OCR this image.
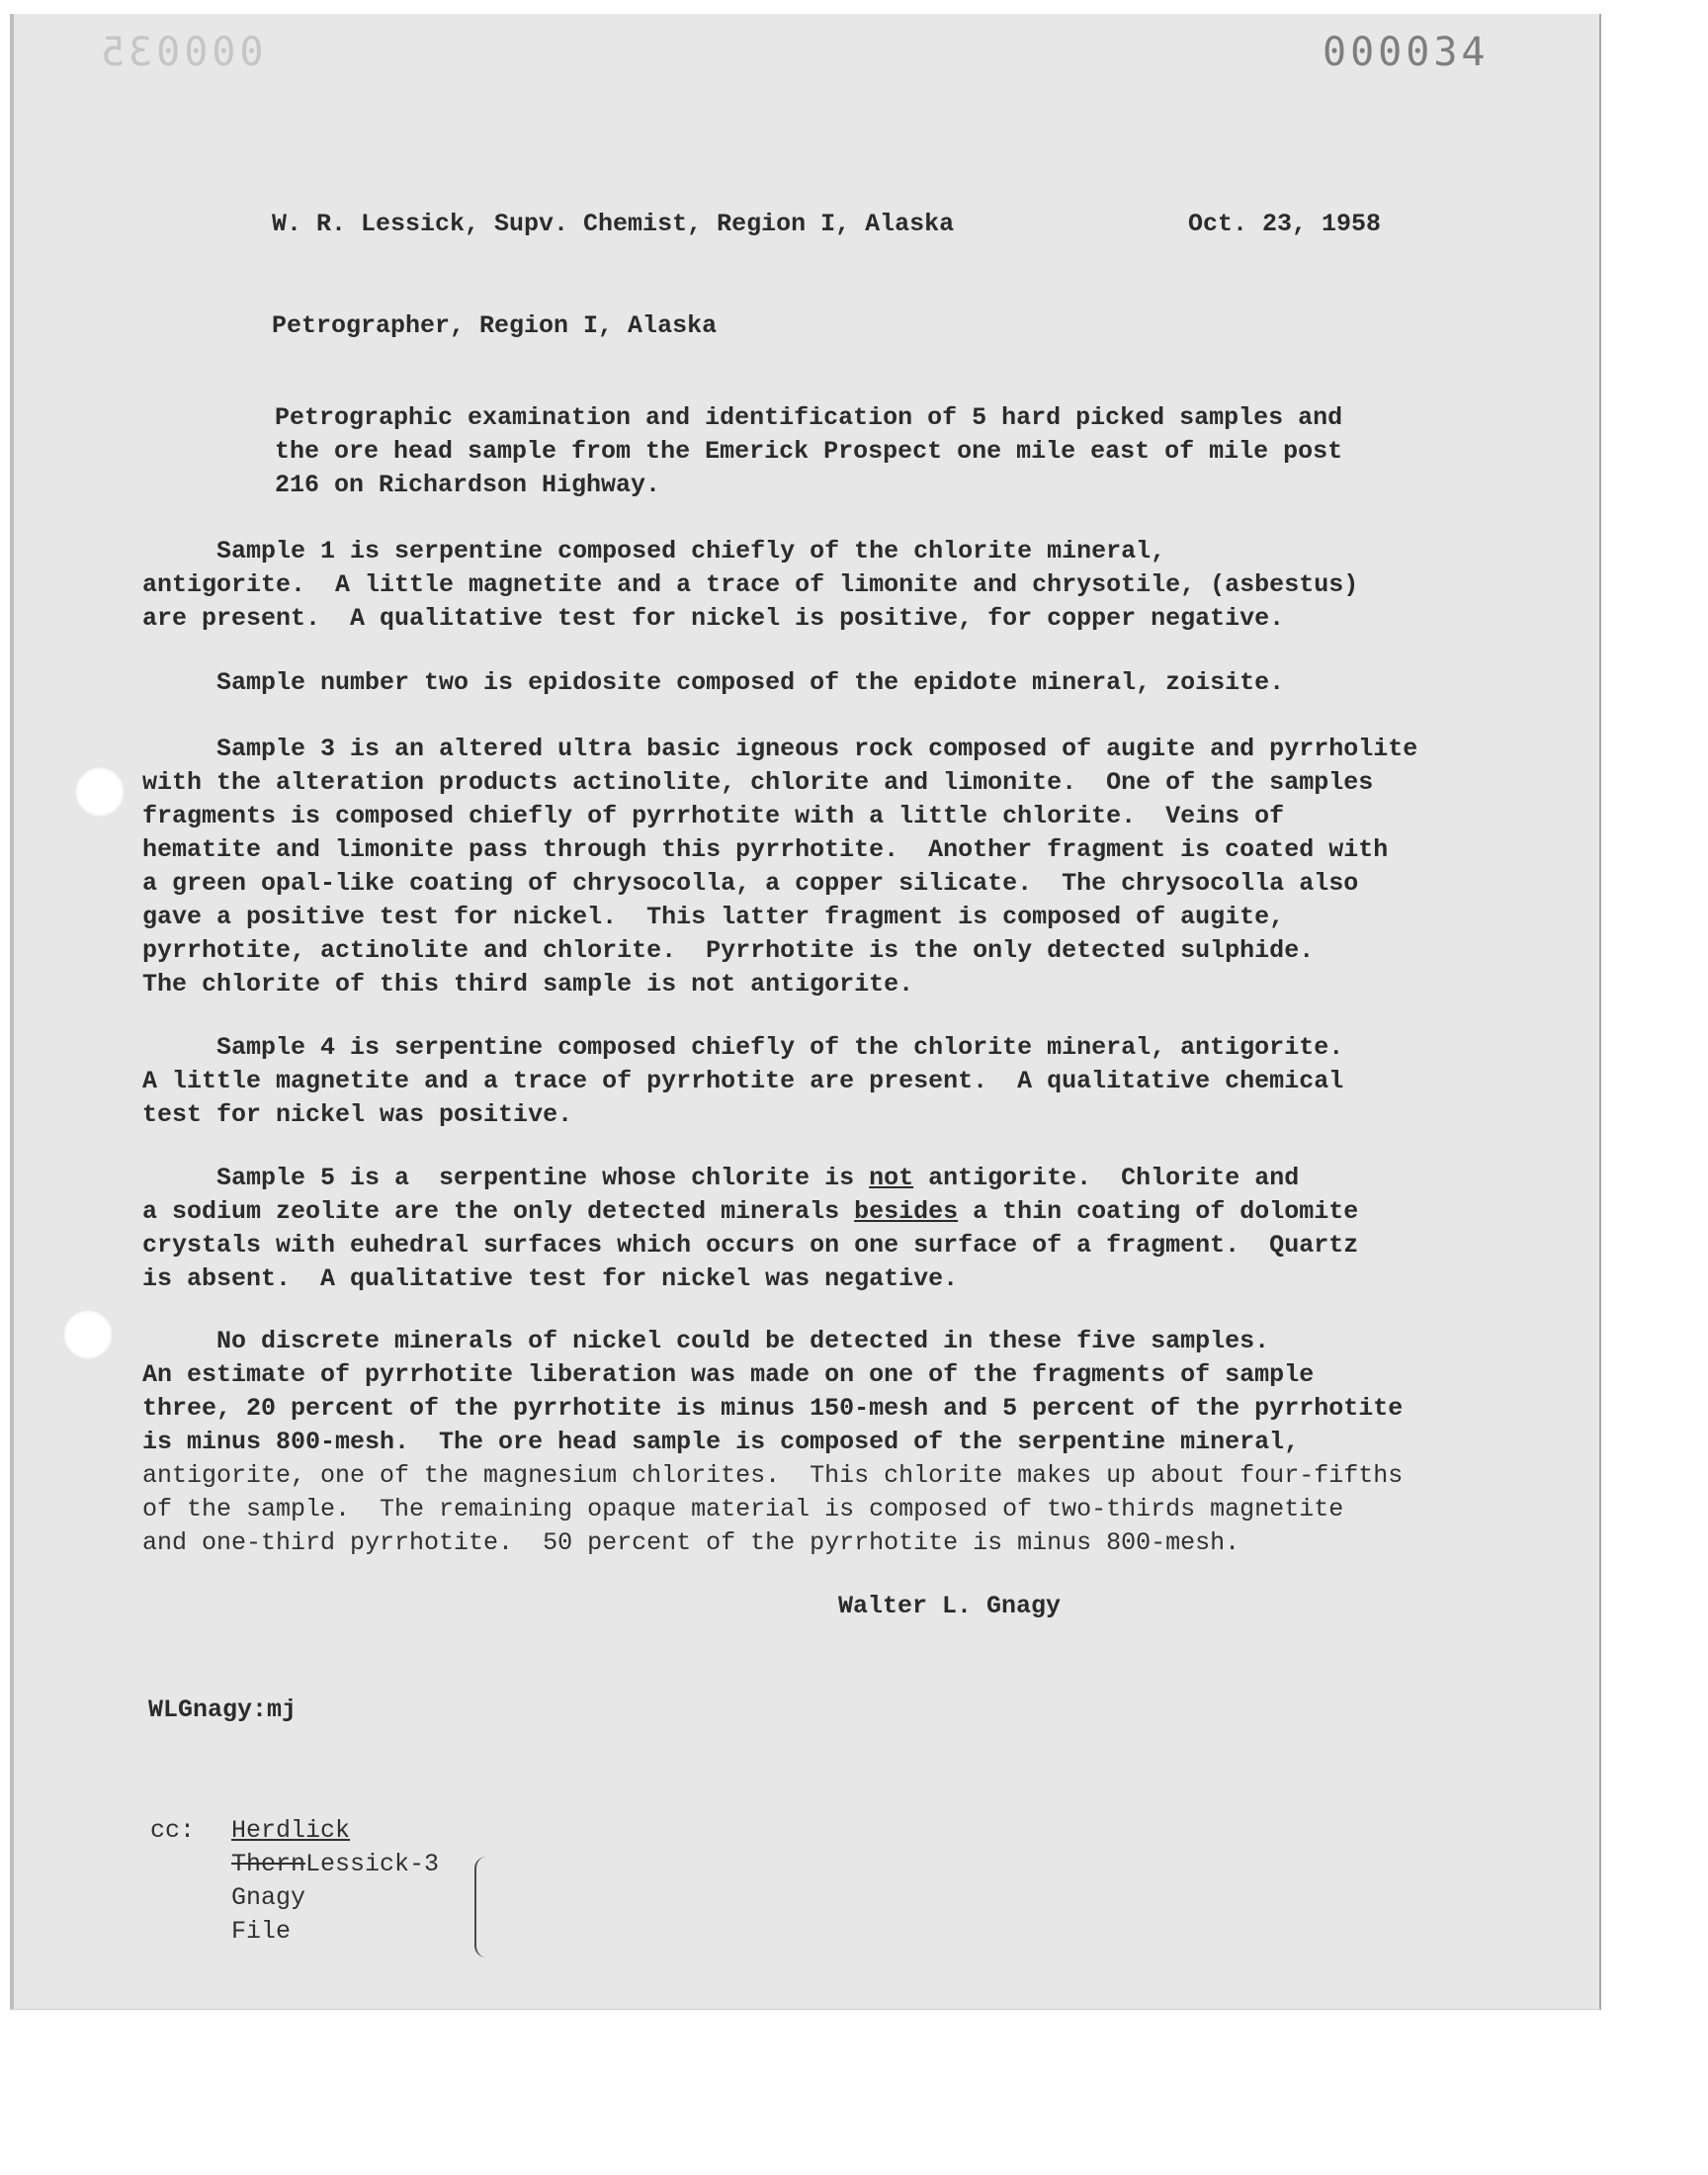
000035	000034
W. R. Lessick, Supv. Chemist, Region I, Alaska	Oct. 23, 1958
Petrographer, Region I, Alaska
Petrographic examination and identification of 5 hard picked samples and
the ore head sample from the Emerick Prospect one mile east of mile post
216 on Richardson Highway.
Sample 1 is serpentine composed chiefly of the chlorite mineral,
antigorite.  A little magnetite and a trace of limonite and chrysotile, (asbestus)
are present.  A qualitative test for nickel is positive, for copper negative.
Sample number two is epidosite composed of the epidote mineral, zoisite.
Sample 3 is an altered ultra basic igneous rock composed of augite and pyrrholite
with the alteration products actinolite, chlorite and limonite.  One of the samples
fragments is composed chiefly of pyrrhotite with a little chlorite.  Veins of
hematite and limonite pass through this pyrrhotite.  Another fragment is coated with
a green opal-like coating of chrysocolla, a copper silicate.  The chrysocolla also
gave a positive test for nickel.  This latter fragment is composed of augite,
pyrrhotite, actinolite and chlorite.  Pyrrhotite is the only detected sulphide.
The chlorite of this third sample is not antigorite.
Sample 4 is serpentine composed chiefly of the chlorite mineral, antigorite.
A little magnetite and a trace of pyrrhotite are present.  A qualitative chemical
test for nickel was positive.
Sample 5 is a  serpentine whose chlorite is not antigorite.  Chlorite and
a sodium zeolite are the only detected minerals besides a thin coating of dolomite
crystals with euhedral surfaces which occurs on one surface of a fragment.  Quartz
is absent.  A qualitative test for nickel was negative.
No discrete minerals of nickel could be detected in these five samples.
An estimate of pyrrhotite liberation was made on one of the fragments of sample
three, 20 percent of the pyrrhotite is minus 150-mesh and 5 percent of the pyrrhotite
is minus 800-mesh.  The ore head sample is composed of the serpentine mineral,
antigorite, one of the magnesium chlorites.  This chlorite makes up about four-fifths
of the sample.  The remaining opaque material is composed of two-thirds magnetite
and one-third pyrrhotite.  50 percent of the pyrrhotite is minus 800-mesh.
Walter L. Gnagy
WLGnagy:mj
cc: Herdlick
ThernLessick-3
Gnagy
File
